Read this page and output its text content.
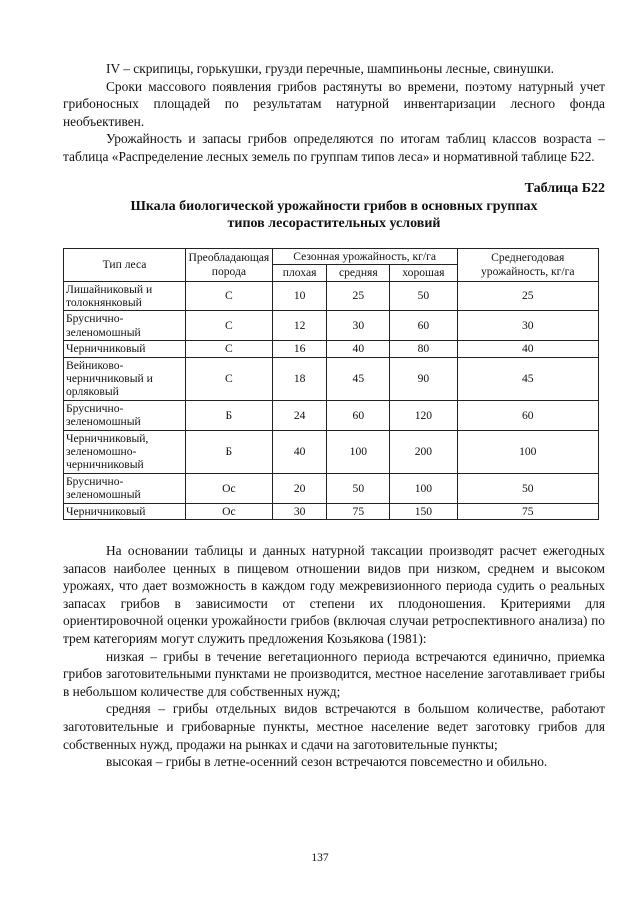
IV – скрипицы, горькушки, грузди перечные, шампиньоны лесные, свинушки.

Сроки массового появления грибов растянуты во времени, поэтому натурный учет грибоносных площадей по результатам натурной инвентаризации лесного фонда необъективен.

Урожайность и запасы грибов определяются по итогам таблиц классов возраста – таблица «Распределение лесных земель по группам типов леса» и нормативной таблице Б22.

Таблица Б22
Шкала биологической урожайности грибов в основных группах
типов лесорастительных условий
Тип леса	Преобладающая порода	Сезонная урожайность, кг/га			Среднегодовая урожайность, кг/га
		плохая	средняя	хорошая	
Лишайниковый и толокнянковый	С	10	25	50	25
Бруснично-зеленомошный	С	12	30	60	30
Черничниковый	С	16	40	80	40
Вейниково-черничниковый и орляковый	С	18	45	90	45
Бруснично-зеленомошный	Б	24	60	120	60
Черничниковый, зеленомошно-черничниковый	Б	40	100	200	100
Бруснично-зеленомошный	Ос	20	50	100	50
Черничниковый	Ос	30	75	150	75

На основании таблицы и данных натурной таксации производят расчет ежегодных запасов наиболее ценных в пищевом отношении видов при низком, среднем и высоком урожаях, что дает возможность в каждом году межревизионного периода судить о реальных запасах грибов в зависимости от степени их плодоношения. Критериями для ориентировочной оценки урожайности грибов (включая случаи ретроспективного анализа) по трем категориям могут служить предложения Козьякова (1981):

низкая – грибы в течение вегетационного периода встречаются единично, приемка грибов заготовительными пунктами не производится, местное население заготавливает грибы в небольшом количестве для собственных нужд;

средняя – грибы отдельных видов встречаются в большом количестве, работают заготовительные и грибоварные пункты, местное население ведет заготовку грибов для собственных нужд, продажи на рынках и сдачи на заготовительные пункты;

высокая – грибы в летне-осенний сезон встречаются повсеместно и обильно.

137
